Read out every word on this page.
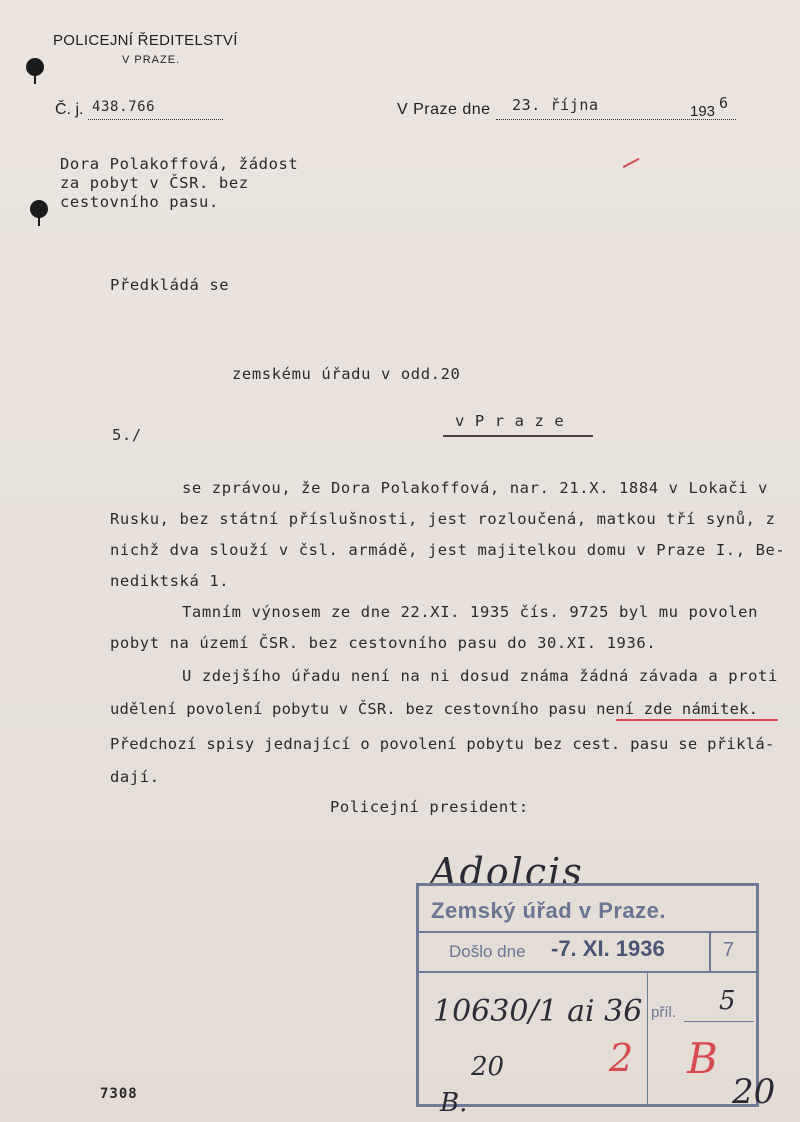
POLICEJNÍ ŘEDITELSTVÍ
V PRAZE.
Č. j. 438.766	V Praze dne 23. října	193 6
Dora Polakoffová, žádost
za pobyt v ČSR. bez
cestovního pasu.
Předkládá se
zemskému úřadu v odd.20
v P r a z e
5./
se zprávou, že Dora Polakoffová, nar. 21.X. 1884 v Lokači v
Rusku, bez státní příslušnosti, jest rozloučená, matkou tří synů, z
nichž dva slouží v čsl. armádě, jest majitelkou domu v Praze I., Be-
nediktská 1.
Tamním výnosem ze dne 22.XI. 1935 čís. 9725 byl mu povolen
pobyt na území ČSR. bez cestovního pasu do 30.XI. 1936.
U zdejšího úřadu není na ni dosud známa žádná závada a proti
udělení povolení pobytu v ČSR. bez cestovního pasu není zde námitek.
Předchozí spisy jednající o povolení pobytu bez cest. pasu se přiklá-
dají.
Policejní president:
Adolcis
Zemský úřad v Praze.
Došlo dne -7. XI. 1936	7
10630/1 ai 36 příl. 5
20	2 B
7308	B.	20
